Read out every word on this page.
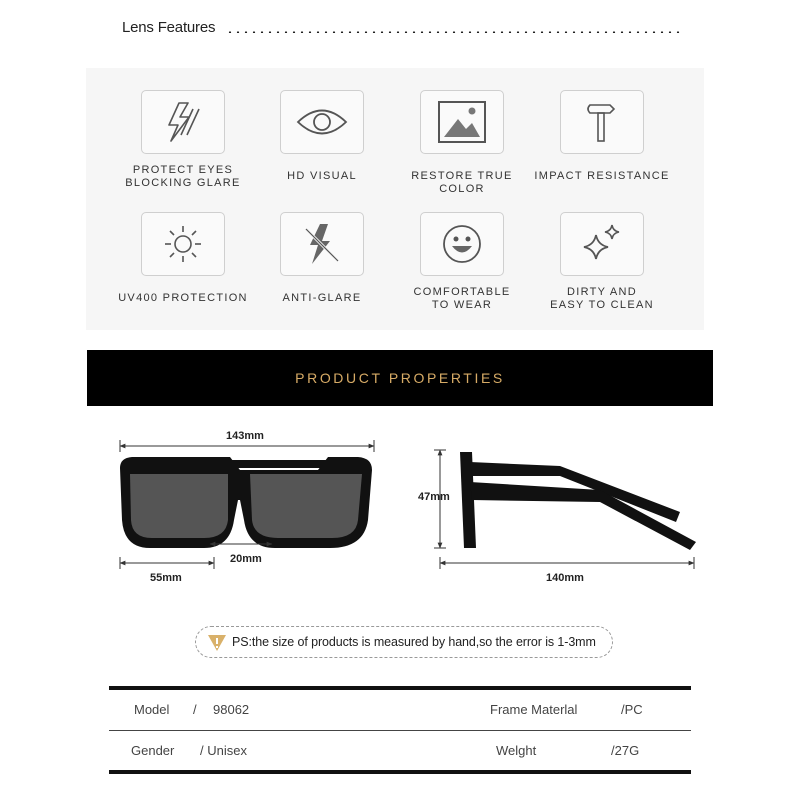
Lens Features
PROTECT EYES
BLOCKING GLARE
HD VISUAL	RESTORE TRUE COLOR
IMPACT RESISTANCE
UV400 PROTECTION	ANTI-GLARE	COMFORTABLE
TO WEAR
DIRTY AND
EASY TO CLEAN
PRODUCT PROPERTIES
143mm
20mm
55mm
47mm
140mm
PS:the size of products is measured by hand,so the error is 1-3mm
Model / 98062	Frame Materlal	/PC
Gender / Unisex	Welght	/27G
